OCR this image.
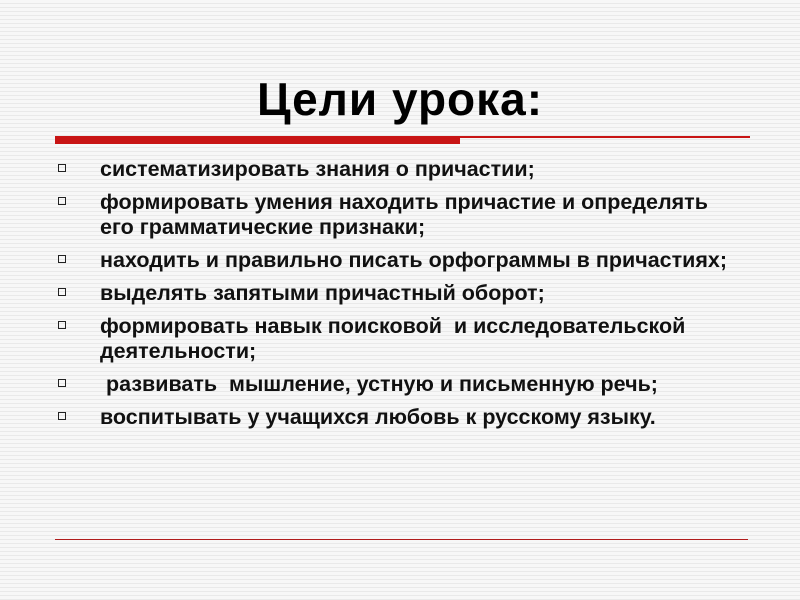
Цели урока:
систематизировать знания о причастии;
формировать умения находить причастие и определять его грамматические признаки;
находить и правильно писать орфограммы в причастиях;
выделять запятыми причастный оборот;
формировать навык поисковой  и исследовательской деятельности;
развивать  мышление, устную и письменную речь;
воспитывать у учащихся любовь к русскому языку.
